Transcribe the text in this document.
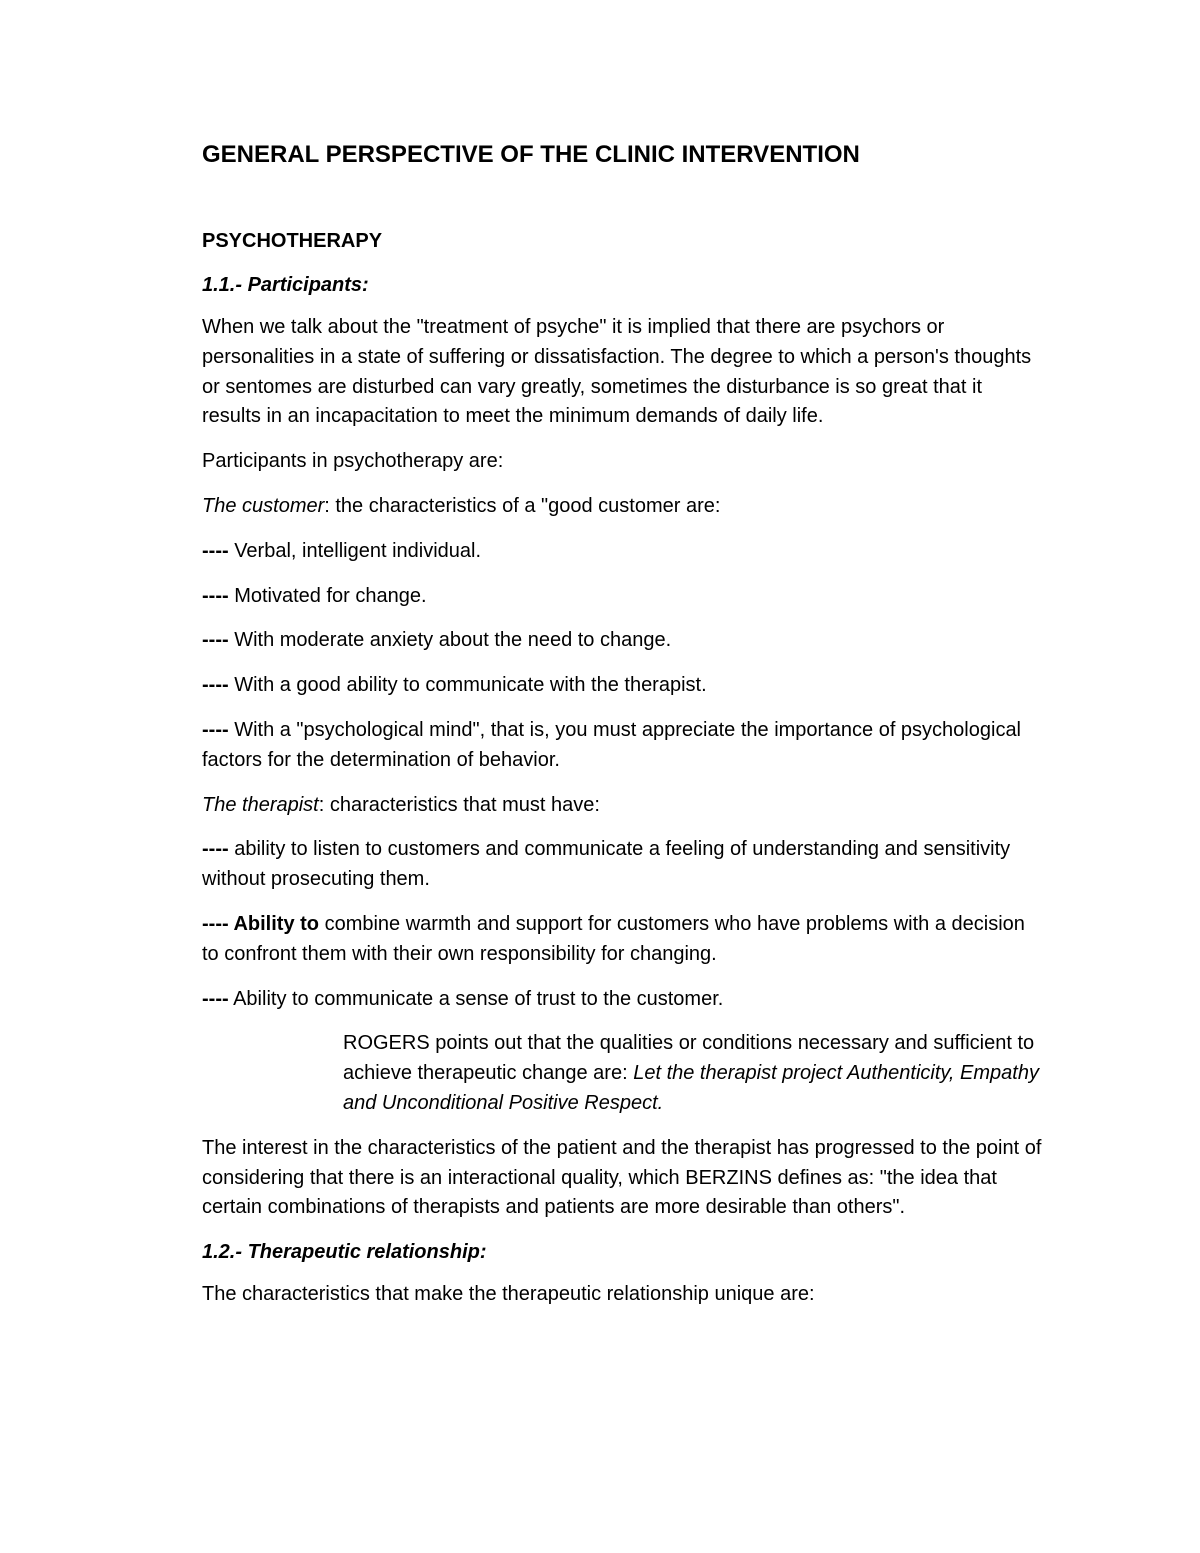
GENERAL PERSPECTIVE OF THE CLINIC INTERVENTION
PSYCHOTHERAPY
1.1.- Participants:

When we talk about the "treatment of psyche" it is implied that there are psychors or personalities in a state of suffering or dissatisfaction. The degree to which a person's thoughts or sentomes are disturbed can vary greatly, sometimes the disturbance is so great that it results in an incapacitation to meet the minimum demands of daily life.

Participants in psychotherapy are:

The customer: the characteristics of a "good customer are:

---- Verbal, intelligent individual.

---- Motivated for change.

---- With moderate anxiety about the need to change.

---- With a good ability to communicate with the therapist.

---- With a "psychological mind", that is, you must appreciate the importance of psychological factors for the determination of behavior.

The therapist: characteristics that must have:

---- ability to listen to customers and communicate a feeling of understanding and sensitivity without prosecuting them.

---- Ability to combine warmth and support for customers who have problems with a decision to confront them with their own responsibility for changing.

---- Ability to communicate a sense of trust to the customer.

ROGERS points out that the qualities or conditions necessary and sufficient to achieve therapeutic change are: Let the therapist project Authenticity, Empathy and Unconditional Positive Respect.

The interest in the characteristics of the patient and the therapist has progressed to the point of considering that there is an interactional quality, which BERZINS defines as: "the idea that certain combinations of therapists and patients are more desirable than others".

1.2.- Therapeutic relationship:

The characteristics that make the therapeutic relationship unique are:
